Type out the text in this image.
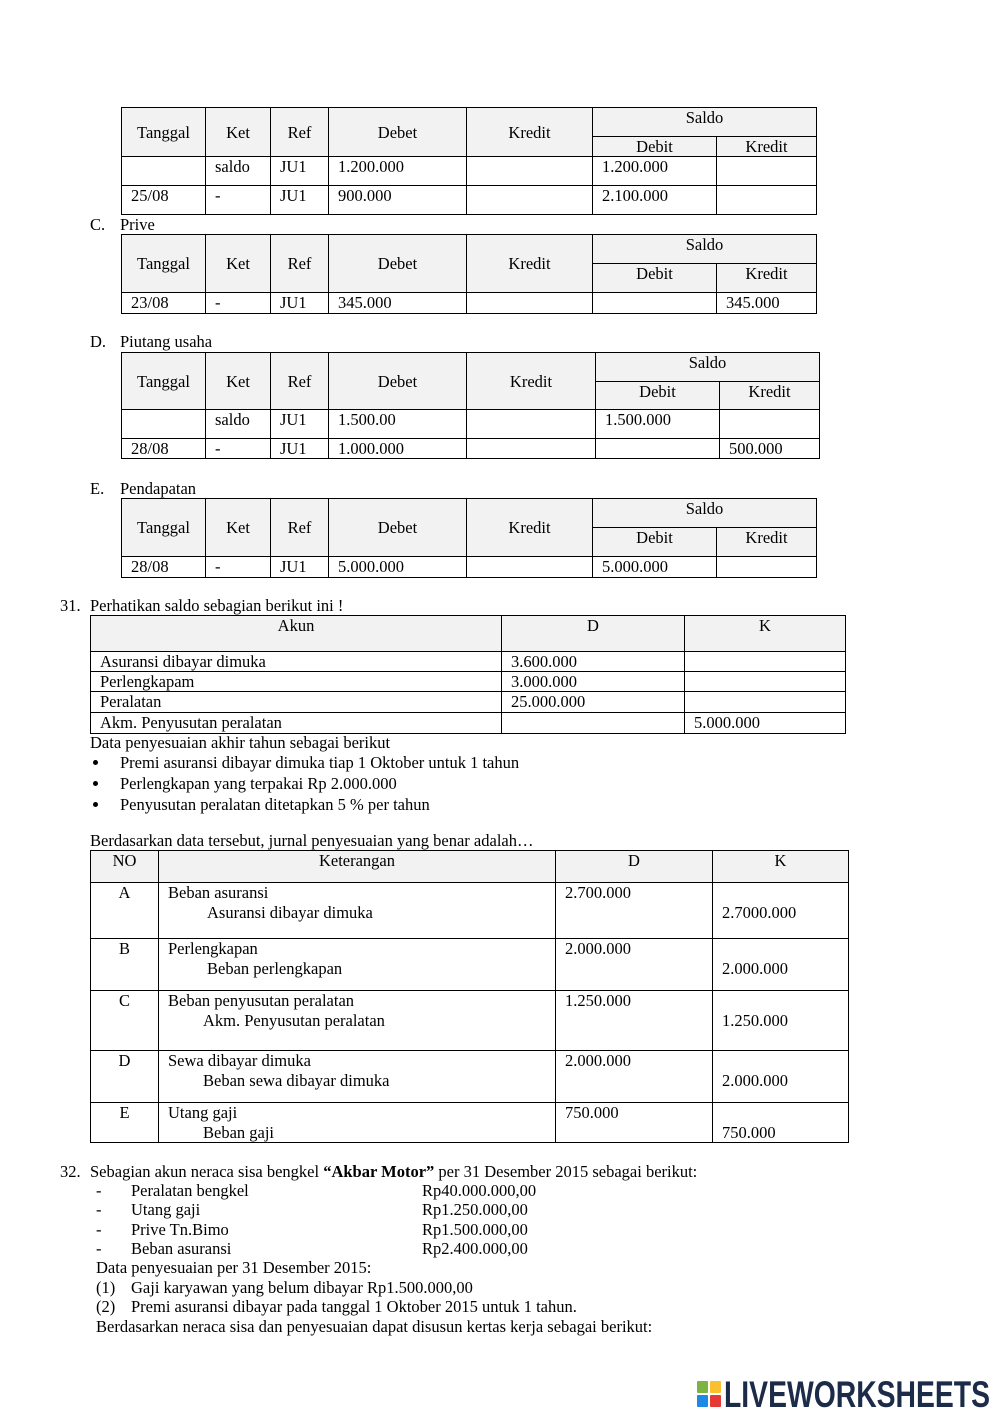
Tanggal	Ket	Ref	Debet	Kredit	Saldo	
					Debit	Kredit
	saldo	JU1	1.200.000		1.200.000	
25/08	-	JU1	900.000		2.100.000	
C. Prive
Tanggal	Ket	Ref	Debet	Kredit	Saldo	
					Debit	Kredit
23/08	-	JU1	345.000			345.000
D. Piutang usaha
Tanggal	Ket	Ref	Debet	Kredit	Saldo	
					Debit	Kredit
	saldo	JU1	1.500.00		1.500.000	
28/08	-	JU1	1.000.000			500.000
E. Pendapatan
Tanggal	Ket	Ref	Debet	Kredit	Saldo	
					Debit	Kredit
28/08	-	JU1	5.000.000		5.000.000	
31. Perhatikan saldo sebagian berikut ini !
Akun	D	K
Asuransi dibayar dimuka	3.600.000	
Perlengkapam	3.000.000	
Peralatan	25.000.000	
Akm. Penyusutan peralatan		5.000.000
Data penyesuaian akhir tahun sebagai berikut
Premi asuransi dibayar dimuka tiap 1 Oktober untuk 1 tahun
Perlengkapan yang terpakai Rp 2.000.000
Penyusutan peralatan ditetapkan 5 % per tahun
Berdasarkan data tersebut, jurnal penyesuaian yang benar adalah…
NO	Keterangan	D	K
A	Beban asuransi
Asuransi dibayar dimuka	2.700.000	2.7000.000

B	Perlengkapan
Beban perlengkapan	2.000.000	2.000.000

C	Beban penyusutan peralatan
Akm. Penyusutan peralatan	1.250.000	1.250.000

D	Sewa dibayar dimuka
Beban sewa dibayar dimuka	2.000.000	2.000.000

E	Utang gaji
Beban gaji	750.000	750.000
32. Sebagian akun neraca sisa bengkel “Akbar Motor” per 31 Desember 2015 sebagai berikut:
- Peralatan bengkel	Rp40.000.000,00
- Utang gaji	Rp1.250.000,00
- Prive Tn.Bimo	Rp1.500.000,00
- Beban asuransi	Rp2.400.000,00
Data penyesuaian per 31 Desember 2015:
(1) Gaji karyawan yang belum dibayar Rp1.500.000,00
(2) Premi asuransi dibayar pada tanggal 1 Oktober 2015 untuk 1 tahun.
Berdasarkan neraca sisa dan penyesuaian dapat disusun kertas kerja sebagai berikut:
LIVEWORKSHEETS
